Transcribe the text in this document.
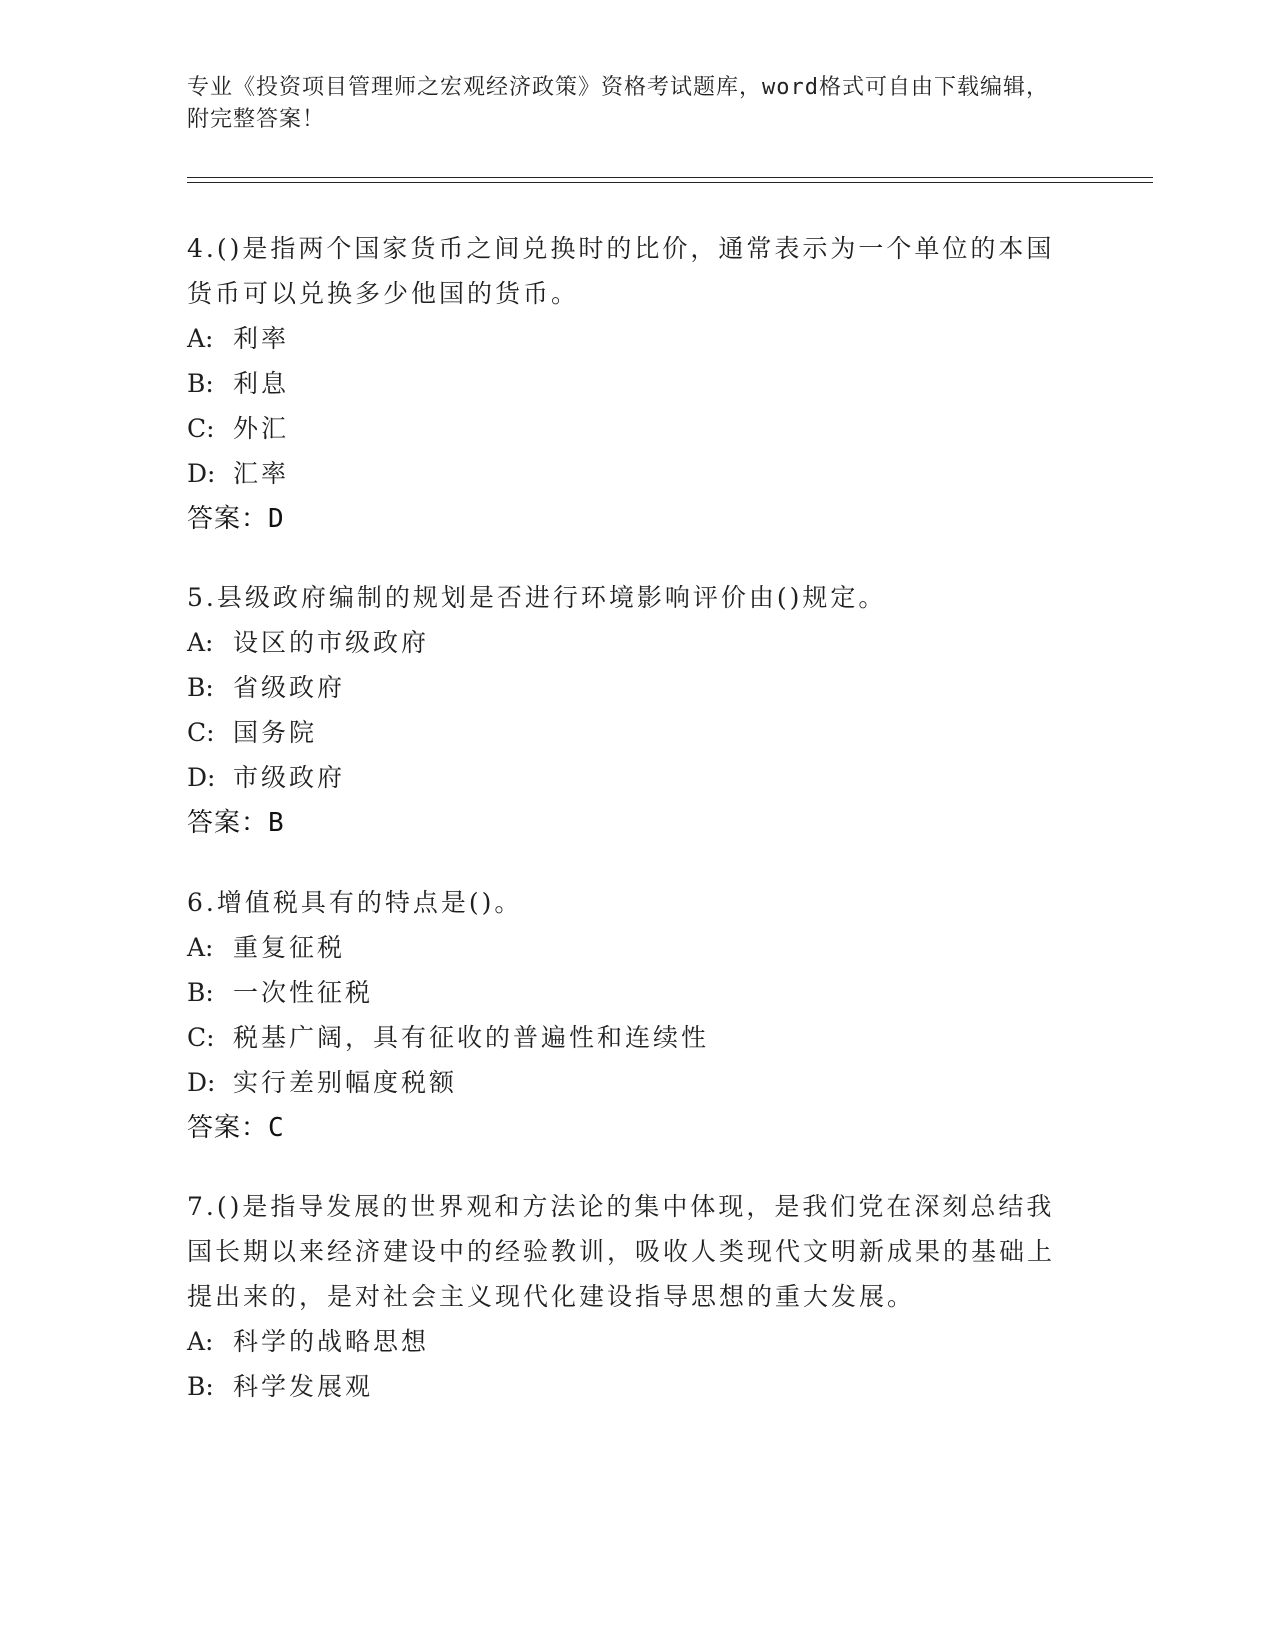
专业《投资项目管理师之宏观经济政策》资格考试题库，word格式可自由下载编辑，附完整答案！

4.()是指两个国家货币之间兑换时的比价，通常表示为一个单位的本国货币可以兑换多少他国的货币。

A: 利率
B: 利息
C: 外汇
D: 汇率
答案：D

5.县级政府编制的规划是否进行环境影响评价由()规定。

A: 设区的市级政府
B: 省级政府
C: 国务院
D: 市级政府
答案：B

6.增值税具有的特点是()。

A: 重复征税
B: 一次性征税
C: 税基广阔，具有征收的普遍性和连续性
D: 实行差别幅度税额
答案：C

7.()是指导发展的世界观和方法论的集中体现，是我们党在深刻总结我国长期以来经济建设中的经验教训，吸收人类现代文明新成果的基础上提出来的，是对社会主义现代化建设指导思想的重大发展。

A: 科学的战略思想
B: 科学发展观
